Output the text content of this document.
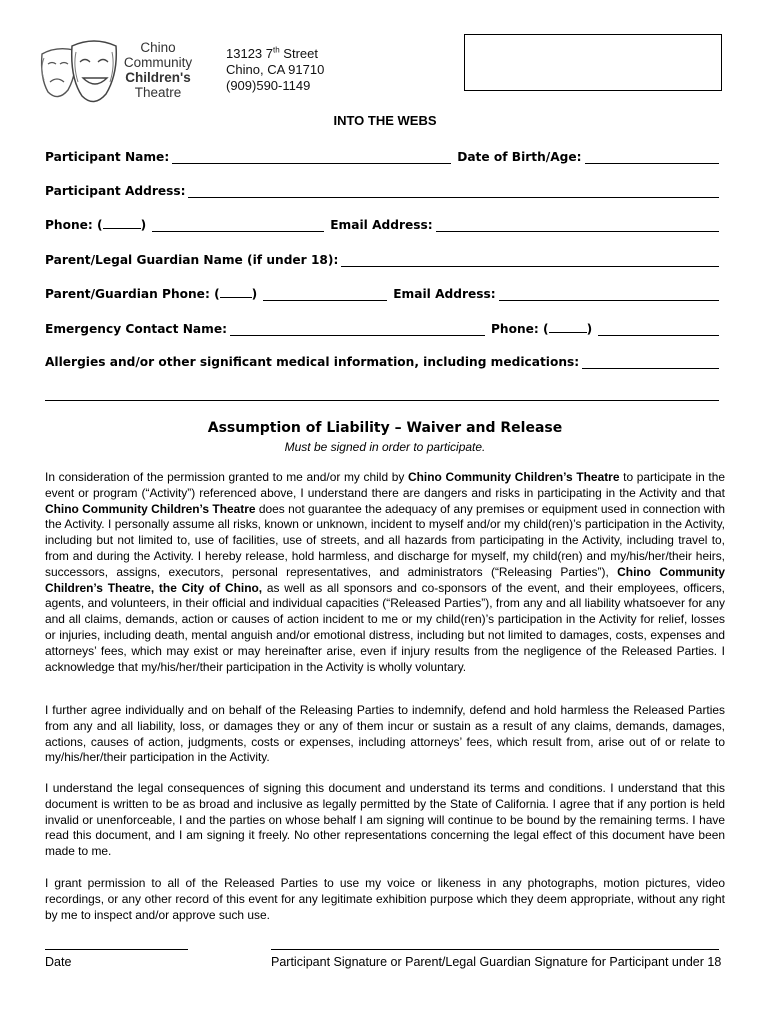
Chino
Community
Children's
Theatre
13123 7th Street
Chino, CA 91710
(909)590-1149
INTO THE WEBS
Participant Name:	Date of Birth/Age:
Participant Address:
Phone: (	)	Email Address:
Parent/Legal Guardian Name (if under 18):
Parent/Guardian Phone: (	)	Email Address:
Emergency Contact Name:	Phone: (	)
Allergies and/or other significant medical information, including medications:
Assumption of Liability – Waiver and Release
Must be signed in order to participate.
In consideration of the permission granted to me and/or my child by Chino Community Children’s Theatre to participate in the event or program (“Activity”) referenced above, I understand there are dangers and risks in participating in the Activity and that Chino Community Children’s Theatre does not guarantee the adequacy of any premises or equipment used in connection with the Activity. I personally assume all risks, known or unknown, incident to myself and/or my child(ren)’s participation in the Activity, including but not limited to, use of facilities, use of streets, and all hazards from participating in the Activity, including travel to, from and during the Activity. I hereby release, hold harmless, and discharge for myself, my child(ren) and my/his/her/their heirs, successors, assigns, executors, personal representatives, and administrators (“Releasing Parties”), Chino Community Children’s Theatre, the City of Chino, as well as all sponsors and co-sponsors of the event, and their employees, officers, agents, and volunteers, in their official and individual capacities (“Released Parties”), from any and all liability whatsoever for any and all claims, demands, action or causes of action incident to me or my child(ren)’s participation in the Activity for relief, losses or injuries, including death, mental anguish and/or emotional distress, including but not limited to damages, costs, expenses and attorneys’ fees, which may exist or may hereinafter arise, even if injury results from the negligence of the Released Parties. I acknowledge that my/his/her/their participation in the Activity is wholly voluntary.
I further agree individually and on behalf of the Releasing Parties to indemnify, defend and hold harmless the Released Parties from any and all liability, loss, or damages they or any of them incur or sustain as a result of any claims, demands, damages, actions, causes of action, judgments, costs or expenses, including attorneys’ fees, which result from, arise out of or relate to my/his/her/their participation in the Activity.
I understand the legal consequences of signing this document and understand its terms and conditions. I understand that this document is written to be as broad and inclusive as legally permitted by the State of California. I agree that if any portion is held invalid or unenforceable, I and the parties on whose behalf I am signing will continue to be bound by the remaining terms. I have read this document, and I am signing it freely. No other representations concerning the legal effect of this document have been made to me.
I grant permission to all of the Released Parties to use my voice or likeness in any photographs, motion pictures, video recordings, or any other record of this event for any legitimate exhibition purpose which they deem appropriate, without any right by me to inspect and/or approve such use.
Date	Participant Signature or Parent/Legal Guardian Signature for Participant under 18
